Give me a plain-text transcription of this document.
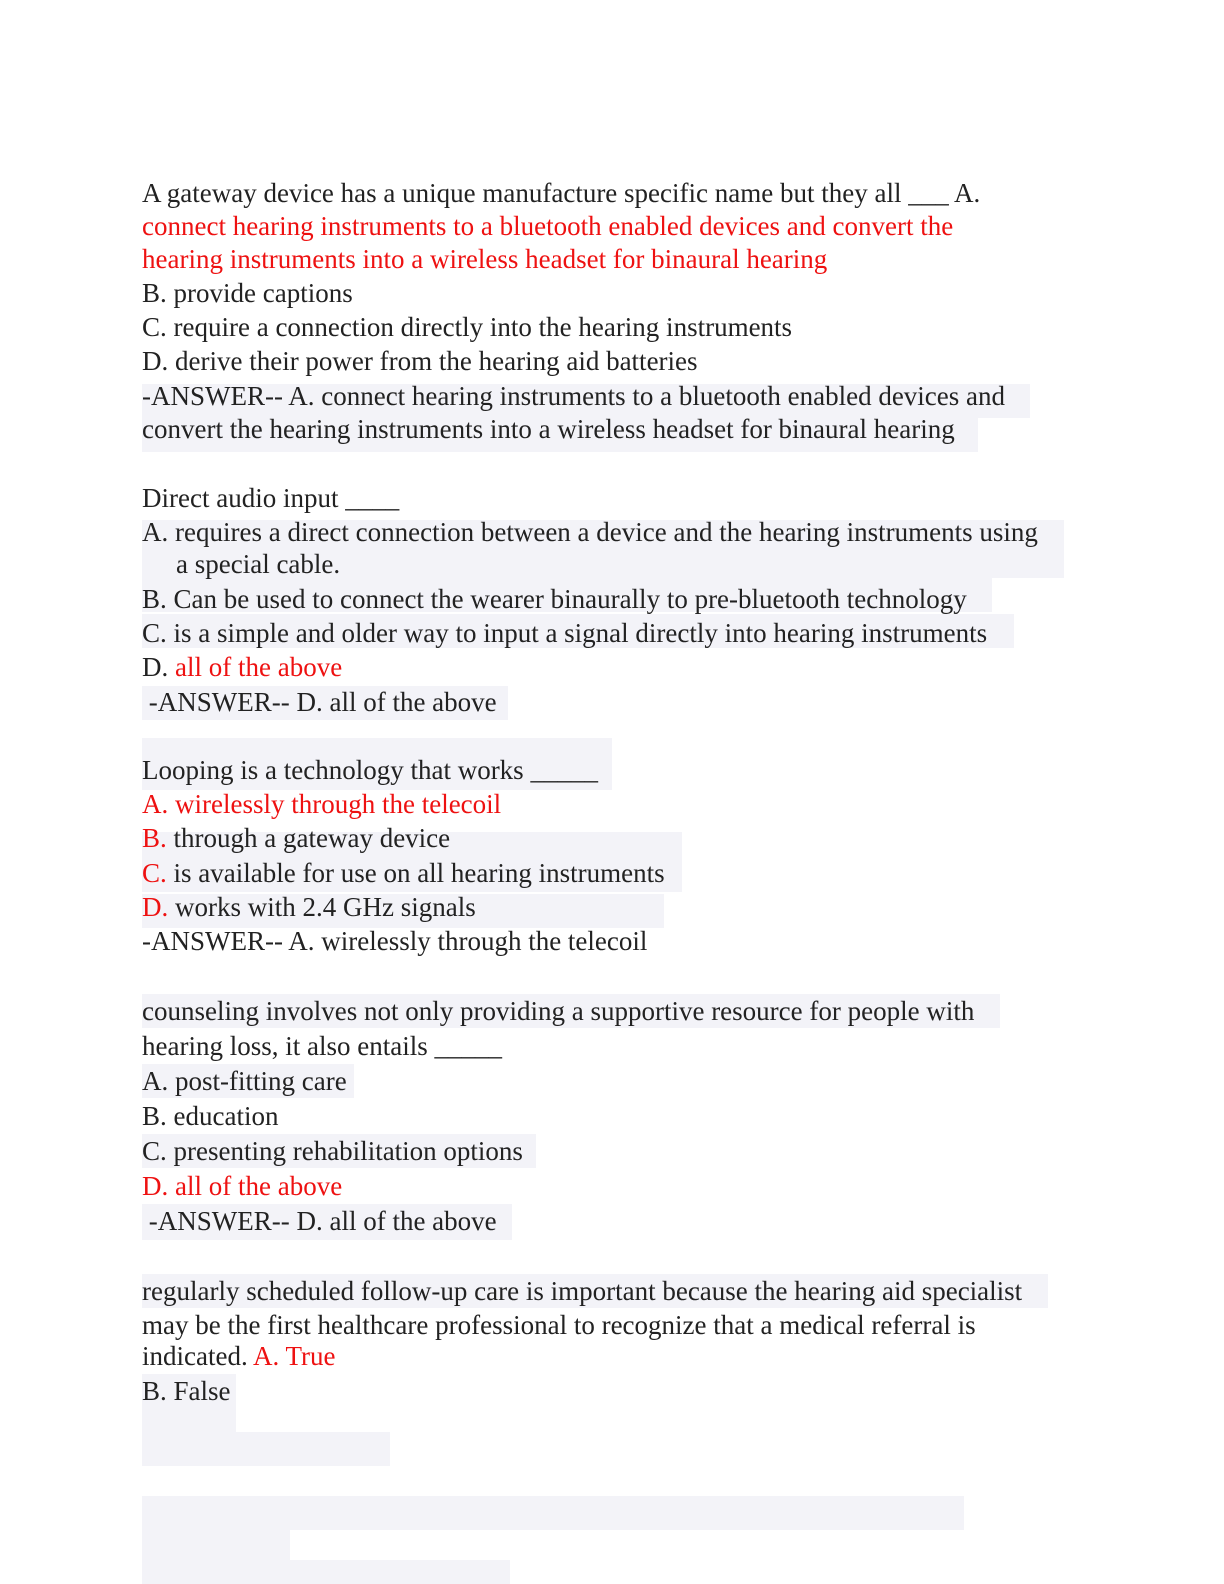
A gateway device has a unique manufacture specific name but they all ___ A.
connect hearing instruments to a bluetooth enabled devices and convert the
hearing instruments into a wireless headset for binaural hearing
B. provide captions
C. require a connection directly into the hearing instruments
D. derive their power from the hearing aid batteries
-ANSWER-- A. connect hearing instruments to a bluetooth enabled devices and
convert the hearing instruments into a wireless headset for binaural hearing
Direct audio input ____
A. requires a direct connection between a device and the hearing instruments using
a special cable.
B. Can be used to connect the wearer binaurally to pre-bluetooth technology
C. is a simple and older way to input a signal directly into hearing instruments
D. all of the above
-ANSWER-- D. all of the above
Looping is a technology that works _____
A. wirelessly through the telecoil
B. through a gateway device
C. is available for use on all hearing instruments
D. works with 2.4 GHz signals
-ANSWER-- A. wirelessly through the telecoil
counseling involves not only providing a supportive resource for people with
hearing loss, it also entails _____
A. post-fitting care
B. education
C. presenting rehabilitation options
D. all of the above
-ANSWER-- D. all of the above
regularly scheduled follow-up care is important because the hearing aid specialist
may be the first healthcare professional to recognize that a medical referral is
indicated. A. True
B. False
